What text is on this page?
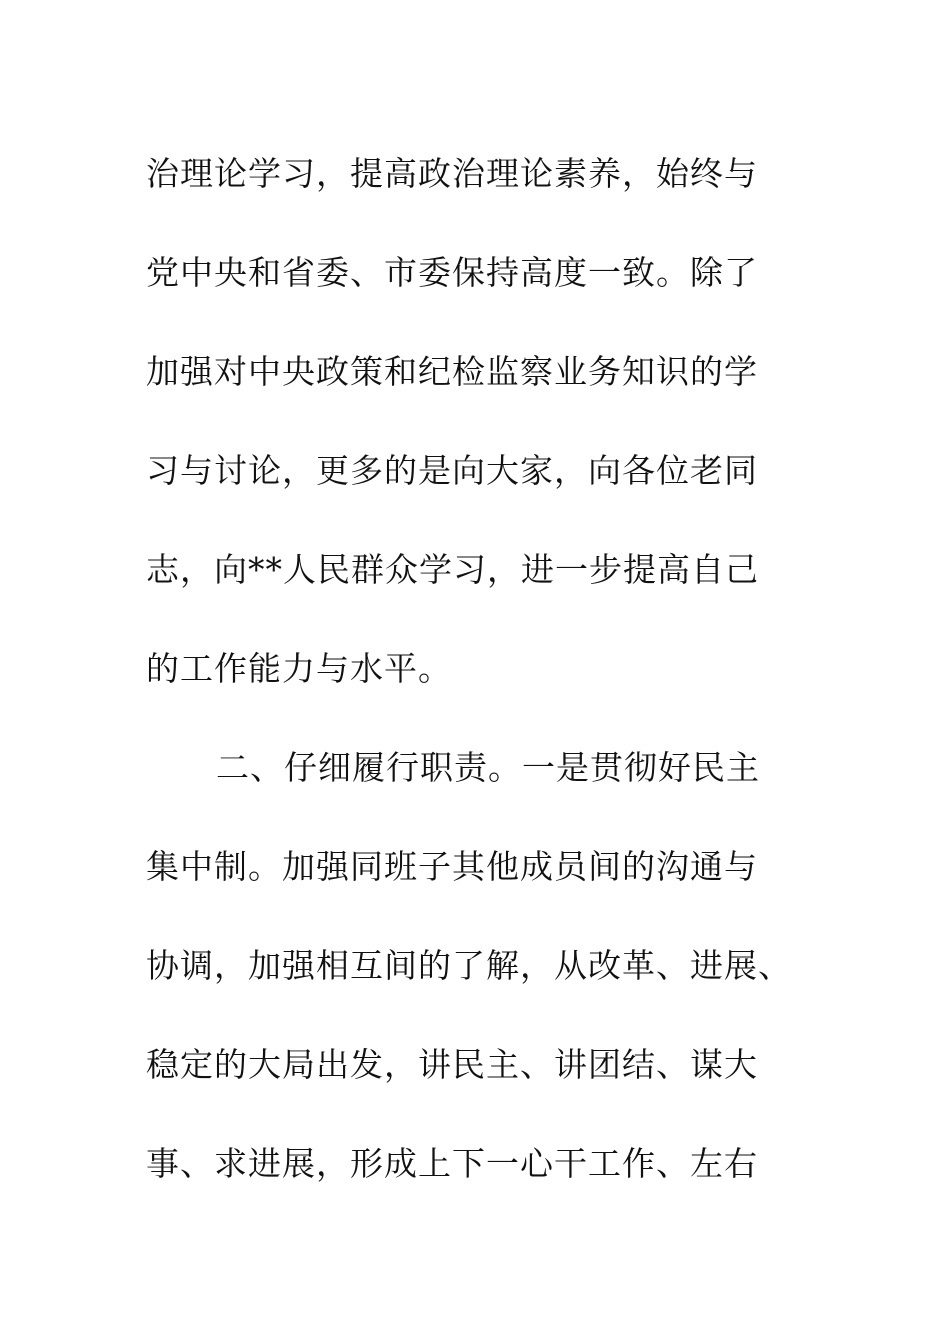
治理论学习，提高政治理论素养，始终与
党中央和省委、市委保持高度一致。除了
加强对中央政策和纪检监察业务知识的学
习与讨论，更多的是向大家，向各位老同
志，向**人民群众学习，进一步提高自己
的工作能力与水平。
二、仔细履行职责。一是贯彻好民主
集中制。加强同班子其他成员间的沟通与
协调，加强相互间的了解，从改革、进展、
稳定的大局出发，讲民主、讲团结、谋大
事、求进展，形成上下一心干工作、左右
